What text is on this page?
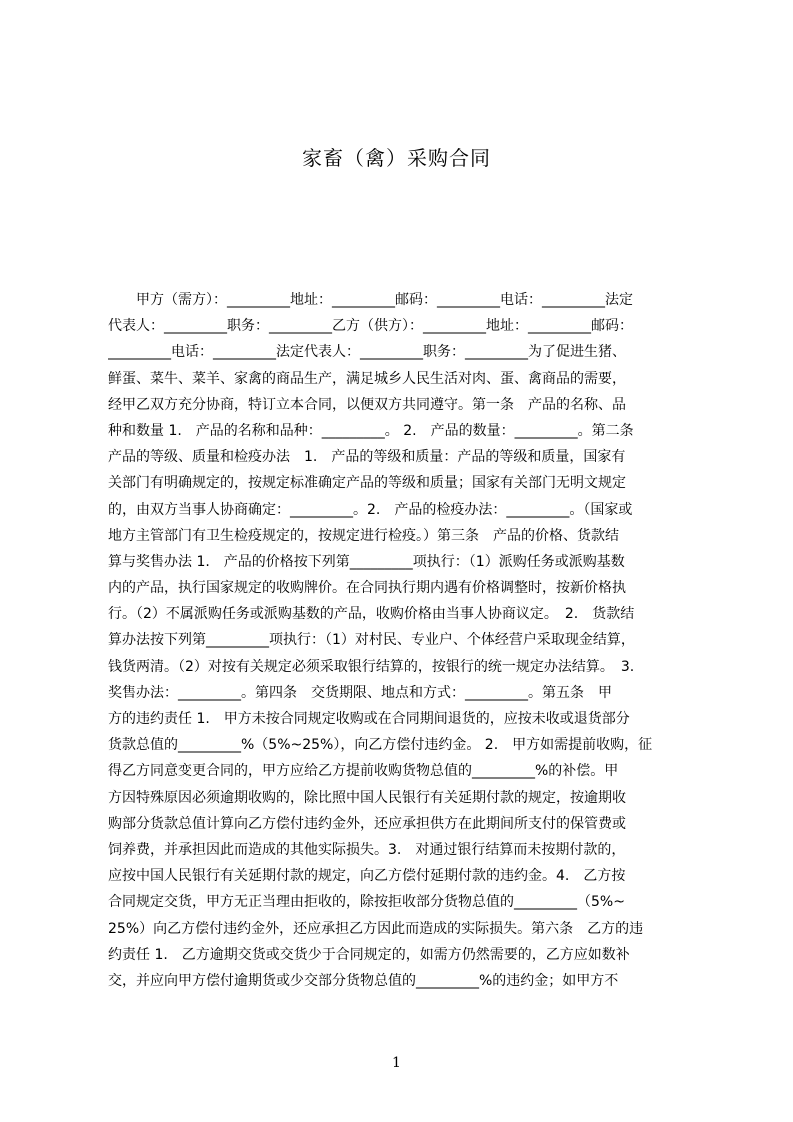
家畜（禽）采购合同
　　甲方（需方）：_________地址：_________邮码：_________电话：_________法定
代表人：_________职务：_________乙方（供方）：_________地址：_________邮码：
_________电话：_________法定代表人：_________职务：_________为了促进生猪、
鲜蛋、菜牛、菜羊、家禽的商品生产，满足城乡人民生活对肉、蛋、禽商品的需要，
经甲乙双方充分协商，特订立本合同，以便双方共同遵守。第一条　产品的名称、品
种和数量 1.　产品的名称和品种：_________。 2.　产品的数量：_________。第二条
产品的等级、质量和检疫办法　1.　产品的等级和质量：产品的等级和质量，国家有
关部门有明确规定的，按规定标准确定产品的等级和质量；国家有关部门无明文规定
的，由双方当事人协商确定：_________。2.　产品的检疫办法：_________。（国家或
地方主管部门有卫生检疫规定的，按规定进行检疫。）第三条　产品的价格、货款结
算与奖售办法 1.　产品的价格按下列第_________项执行：（1）派购任务或派购基数
内的产品，执行国家规定的收购牌价。在合同执行期内遇有价格调整时，按新价格执
行。（2）不属派购任务或派购基数的产品，收购价格由当事人协商议定。　2.　货款结
算办法按下列第_________项执行：（1）对村民、专业户、个体经营户采取现金结算，
钱货两清。（2）对按有关规定必须采取银行结算的，按银行的统一规定办法结算。　3.
奖售办法：_________。第四条　交货期限、地点和方式：_________。第五条　甲
方的违约责任 1.　甲方未按合同规定收购或在合同期间退货的，应按未收或退货部分
货款总值的_________%（5%~25%），向乙方偿付违约金。 2.　甲方如需提前收购，征
得乙方同意变更合同的，甲方应给乙方提前收购货物总值的_________%的补偿。甲
方因特殊原因必须逾期收购的，除比照中国人民银行有关延期付款的规定，按逾期收
购部分货款总值计算向乙方偿付违约金外，还应承担供方在此期间所支付的保管费或
饲养费，并承担因此而造成的其他实际损失。3.　对通过银行结算而未按期付款的，
应按中国人民银行有关延期付款的规定，向乙方偿付延期付款的违约金。4.　乙方按
合同规定交货，甲方无正当理由拒收的，除按拒收部分货物总值的_________（5%~
25%）向乙方偿付违约金外，还应承担乙方因此而造成的实际损失。第六条　乙方的违
约责任 1.　乙方逾期交货或交货少于合同规定的，如需方仍然需要的，乙方应如数补
交，并应向甲方偿付逾期货或少交部分货物总值的_________%的违约金；如甲方不
1
